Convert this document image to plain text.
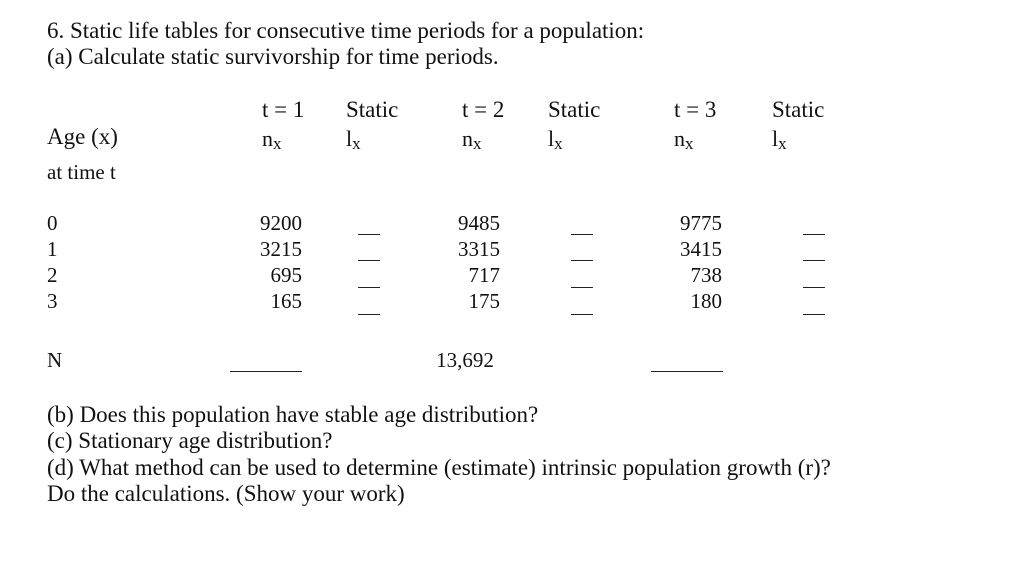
6. Static life tables for consecutive time periods for a population:
(a) Calculate static survivorship for time periods.
Age (x)
at time t
t = 1
nx
Static
lx
t = 2
nx
Static
lx
t = 3
nx
Static
lx
0
1
2
3
9200
3215
695
165
9485
3315
717
175
9775
3415
738
180
N	13,692
(b) Does this population have stable age distribution?
(c) Stationary age distribution?
(d) What method can be used to determine (estimate) intrinsic population growth (r)?
Do the calculations. (Show your work)
